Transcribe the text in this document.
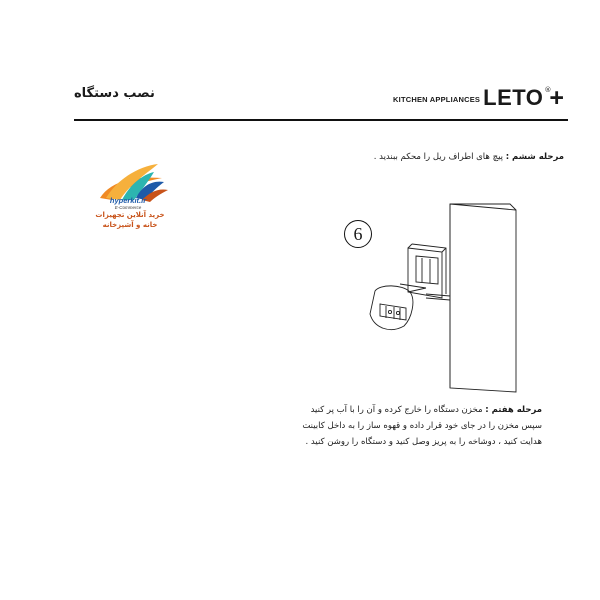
نصب دستگاه	KITCHEN APPLIANCES LETO ®
+
مرحله ششم : پیچ های اطراف ریل را محکم ببندید .
hyperkit.ir
E-Commerce
خرید آنلاین تجهیزات
خانه و آشپزخانه	6
مرحله هفتم : مخزن دستگاه را خارج کرده و آن را با آب پر کنید سپس مخزن را در جای خود قرار داده و قهوه ساز را به داخل کابینت هدایت کنید ، دوشاخه را به پریز وصل کنید و دستگاه را روشن کنید .
